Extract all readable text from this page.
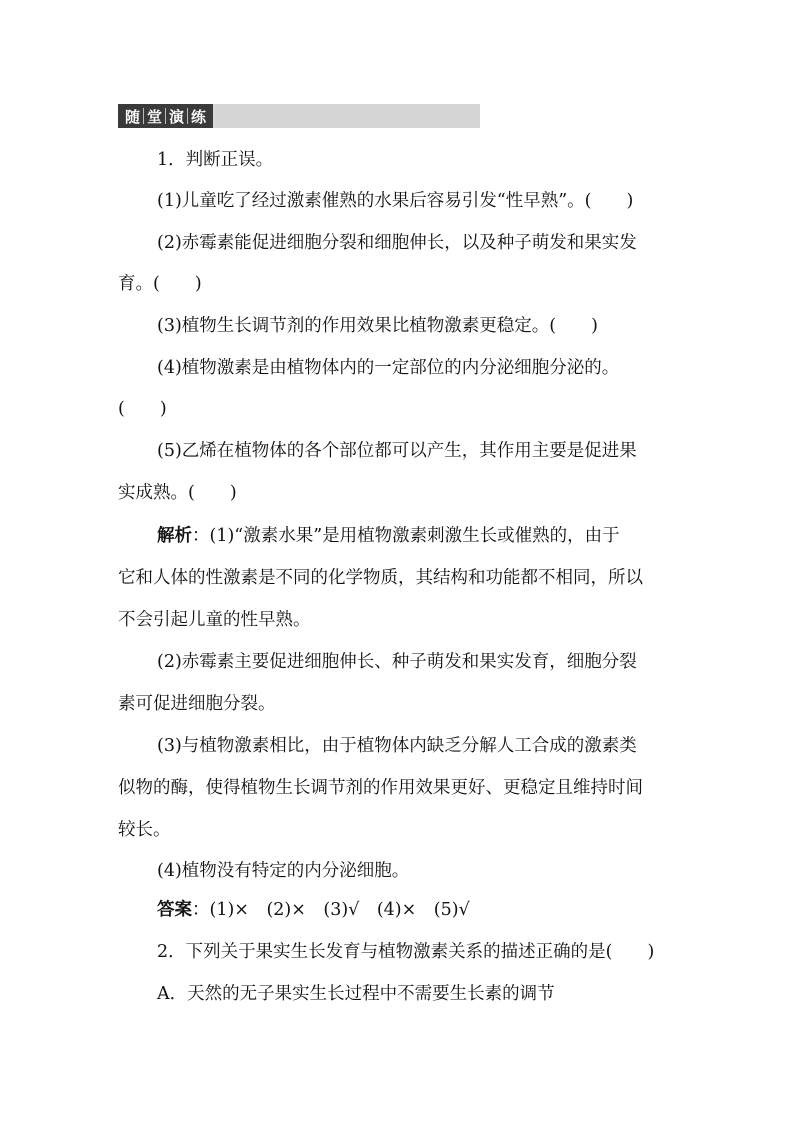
随 堂 演 练
1．判断正误。
(1)儿童吃了经过激素催熟的水果后容易引发“性早熟”。(　　)
(2)赤霉素能促进细胞分裂和细胞伸长，以及种子萌发和果实发
育。(　　)
(3)植物生长调节剂的作用效果比植物激素更稳定。(　　)
(4)植物激素是由植物体内的一定部位的内分泌细胞分泌的。
(　　)
(5)乙烯在植物体的各个部位都可以产生，其作用主要是促进果
实成熟。(　　)
解析：(1)“激素水果”是用植物激素刺激生长或催熟的，由于
它和人体的性激素是不同的化学物质，其结构和功能都不相同，所以
不会引起儿童的性早熟。
(2)赤霉素主要促进细胞伸长、种子萌发和果实发育，细胞分裂
素可促进细胞分裂。
(3)与植物激素相比，由于植物体内缺乏分解人工合成的激素类
似物的酶，使得植物生长调节剂的作用效果更好、更稳定且维持时间
较长。
(4)植物没有特定的内分泌细胞。
答案：(1)×　(2)×　(3)√　(4)×　(5)√
2．下列关于果实生长发育与植物激素关系的描述正确的是(　　)
A．天然的无子果实生长过程中不需要生长素的调节
